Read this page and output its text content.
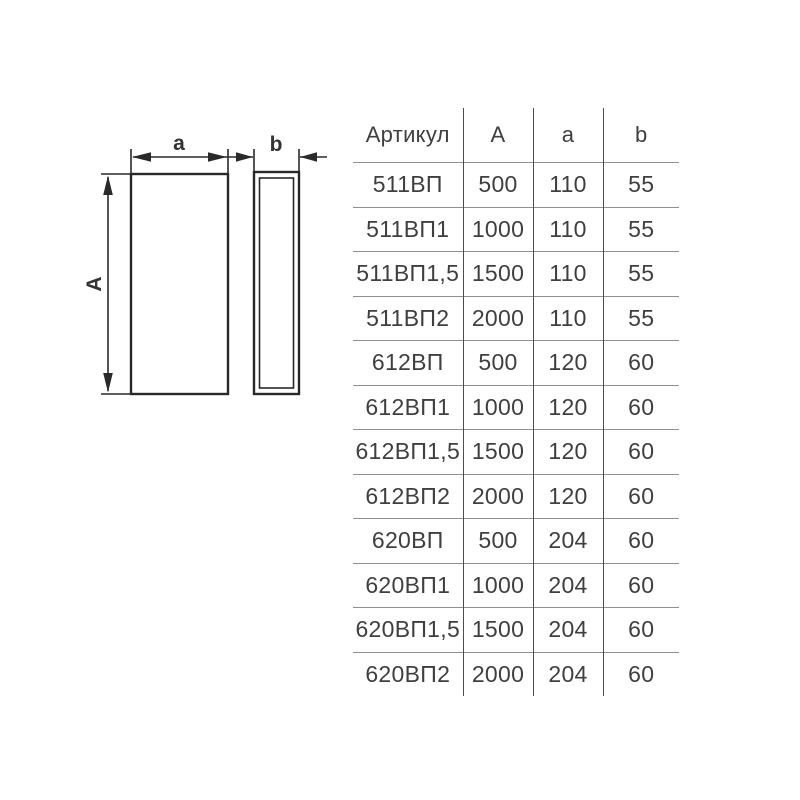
a	b
A
Артикул	A	a	b
511ВП	500	110	55
511ВП1	1000	110	55
511ВП1,5	1500	110	55
511ВП2	2000	110	55
612ВП	500	120	60
612ВП1	1000	120	60
612ВП1,5	1500	120	60
612ВП2	2000	120	60
620ВП	500	204	60
620ВП1	1000	204	60
620ВП1,5	1500	204	60
620ВП2	2000	204	60
